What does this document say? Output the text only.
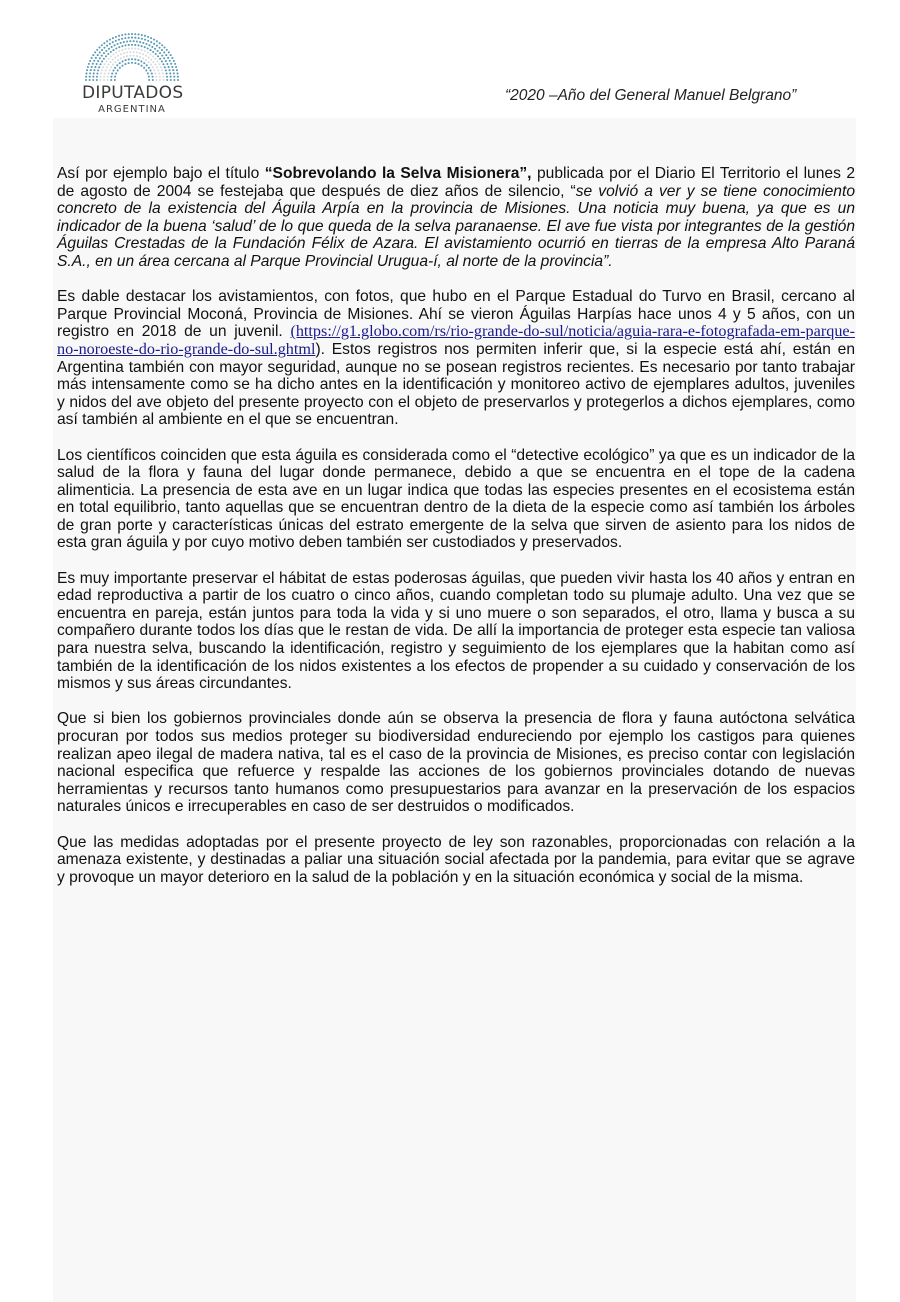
DIPUTADOS
ARGENTINA
“2020 –Año del General Manuel Belgrano”

Así por ejemplo bajo el título “Sobrevolando la Selva Misionera”, publicada por el Diario El Territorio el lunes 2 de agosto de 2004 se festejaba que después de diez años de silencio, “se volvió a ver y se tiene conocimiento concreto de la existencia del Águila Arpía en la provincia de Misiones. Una noticia muy buena, ya que es un indicador de la buena ‘salud’ de lo que queda de la selva paranaense. El ave fue vista por integrantes de la gestión Águilas Crestadas de la Fundación Félix de Azara. El avistamiento ocurrió en tierras de la empresa Alto Paraná S.A., en un área cercana al Parque Provincial Urugua-í, al norte de la provincia”.

Es dable destacar los avistamientos, con fotos, que hubo en el Parque Estadual do Turvo en Brasil, cercano al Parque Provincial Moconá, Provincia de Misiones. Ahí se vieron Águilas Harpías hace unos 4 y 5 años, con un registro en 2018 de un juvenil. (https://g1.globo.com/rs/rio-grande-do-sul/noticia/aguia-rara-e-fotografada-em-parque-no-noroeste-do-rio-grande-do-sul.ghtml). Estos registros nos permiten inferir que, si la especie está ahí, están en Argentina también con mayor seguridad, aunque no se posean registros recientes. Es necesario por tanto trabajar más intensamente como se ha dicho antes en la identificación y monitoreo activo de ejemplares adultos, juveniles y nidos del ave objeto del presente proyecto con el objeto de preservarlos y protegerlos a dichos ejemplares, como así también al ambiente en el que se encuentran.

Los científicos coinciden que esta águila es considerada como el “detective ecológico” ya que es un indicador de la salud de la flora y fauna del lugar donde permanece, debido a que se encuentra en el tope de la cadena alimenticia. La presencia de esta ave en un lugar indica que todas las especies presentes en el ecosistema están en total equilibrio, tanto aquellas que se encuentran dentro de la dieta de la especie como así también los árboles de gran porte y características únicas del estrato emergente de la selva que sirven de asiento para los nidos de esta gran águila y por cuyo motivo deben también ser custodiados y preservados.

Es muy importante preservar el hábitat de estas poderosas águilas, que pueden vivir hasta los 40 años y entran en edad reproductiva a partir de los cuatro o cinco años, cuando completan todo su plumaje adulto. Una vez que se encuentra en pareja, están juntos para toda la vida y si uno muere o son separados, el otro, llama y busca a su compañero durante todos los días que le restan de vida. De allí la importancia de proteger esta especie tan valiosa para nuestra selva, buscando la identificación, registro y seguimiento de los ejemplares que la habitan como así también de la identificación de los nidos existentes a los efectos de propender a su cuidado y conservación de los mismos y sus áreas circundantes.

Que si bien los gobiernos provinciales donde aún se observa la presencia de flora y fauna autóctona selvática procuran por todos sus medios proteger su biodiversidad endureciendo por ejemplo los castigos para quienes realizan apeo ilegal de madera nativa, tal es el caso de la provincia de Misiones, es preciso contar con legislación nacional especifica que refuerce y respalde las acciones de los gobiernos provinciales dotando de nuevas herramientas y recursos tanto humanos como presupuestarios para avanzar en la preservación de los espacios naturales únicos e irrecuperables en caso de ser destruidos o modificados.

Que las medidas adoptadas por el presente proyecto de ley son razonables, proporcionadas con relación a la amenaza existente, y destinadas a paliar una situación social afectada por la pandemia, para evitar que se agrave y provoque un mayor deterioro en la salud de la población y en la situación económica y social de la misma.
